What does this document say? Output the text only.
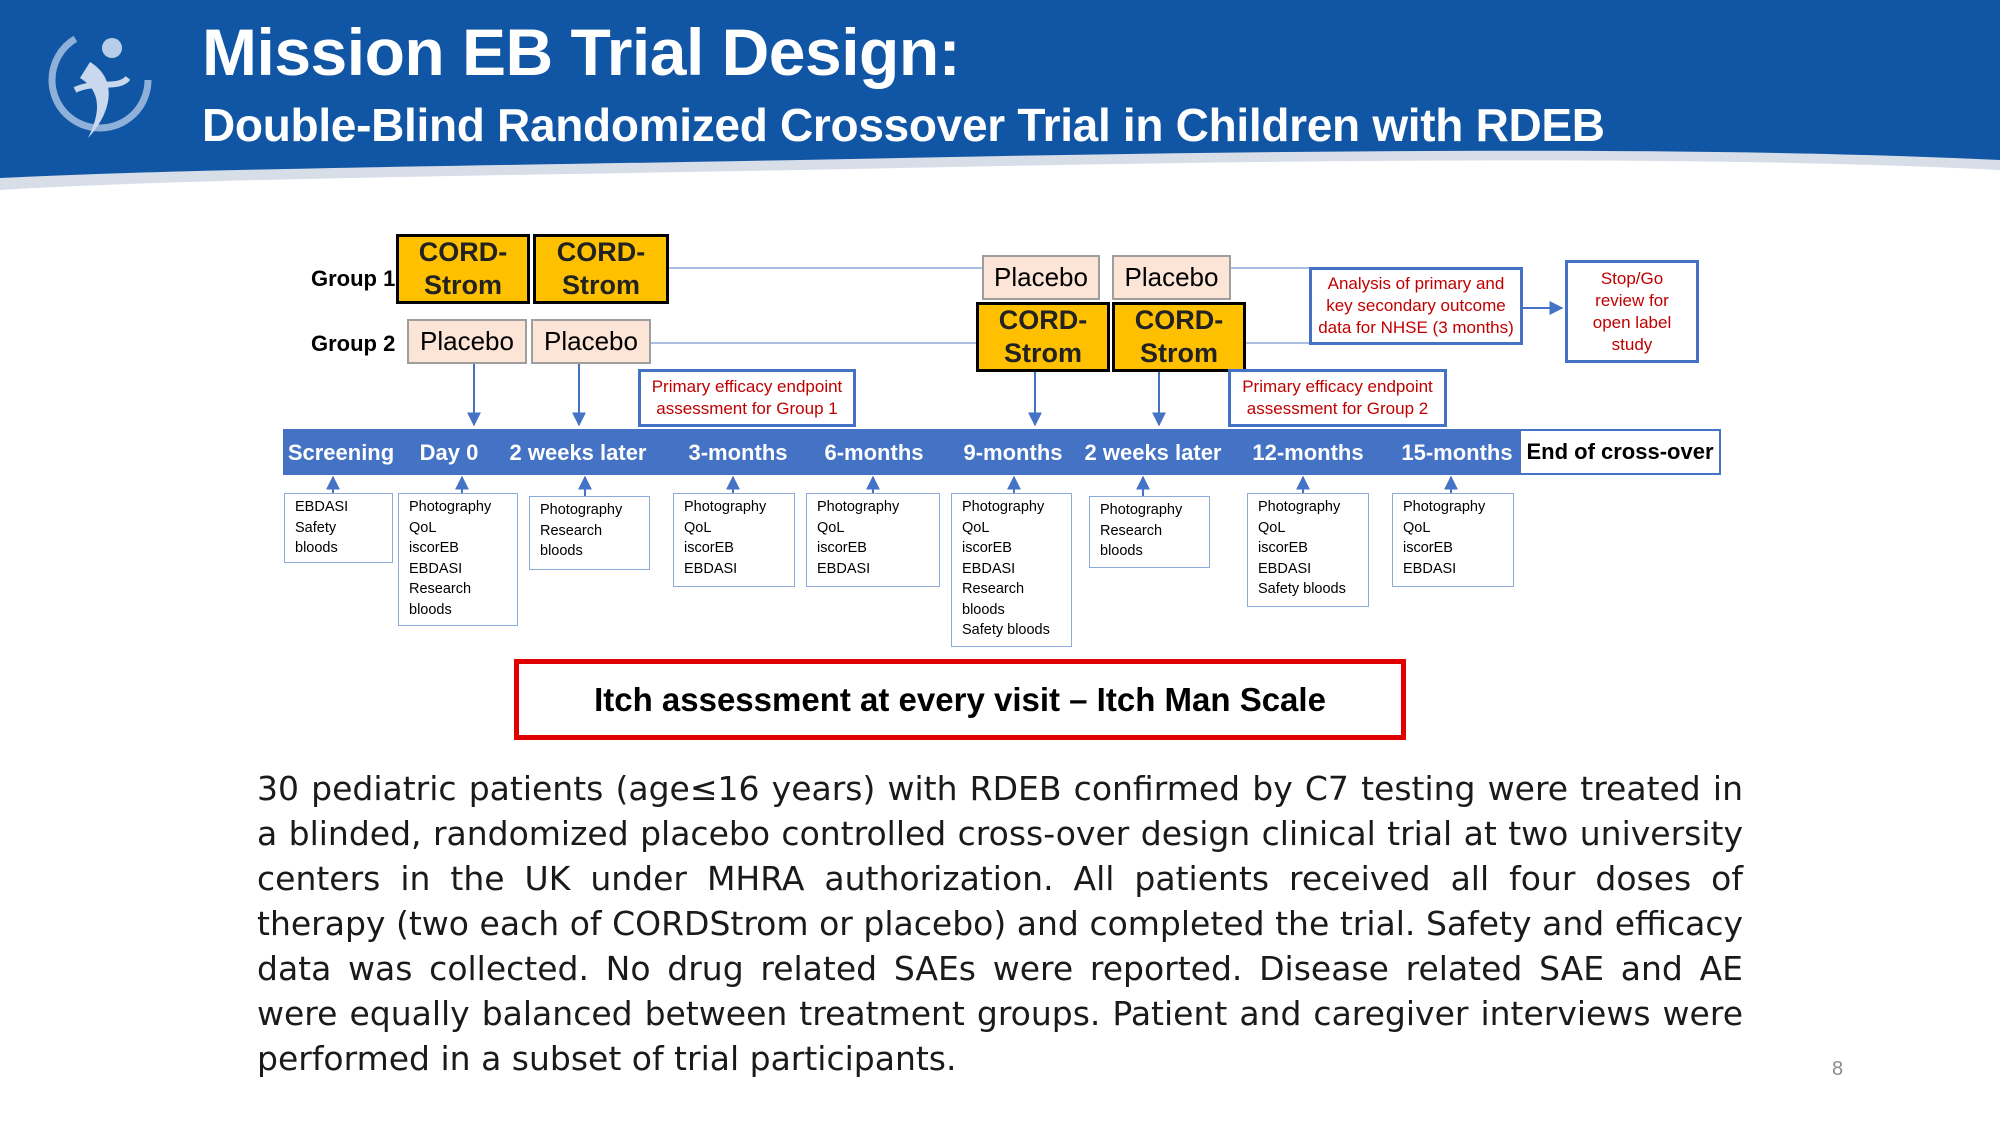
Mission EB Trial Design:
Double-Blind Randomized Crossover Trial in Children with RDEB
Group 1
Group 2
CORD-
Strom
CORD-
Strom	Placebo	Placebo
Placebo	Placebo
CORD-
Strom
CORD-
Strom
Primary efficacy endpoint
assessment for Group 1
Primary efficacy endpoint
assessment for Group 2
Analysis of primary and
key secondary outcome
data for NHSE (3 months)
Stop/Go
review for
open label
study
Screening Day 0 2 weeks later 3-months 6-months 9-months 2 weeks later 12-months 15-months End of cross-over
EBDASI
Safety
bloods
Photography
QoL
iscorEB
EBDASI
Research
bloods
Photography
Research
bloods
Photography
QoL
iscorEB
EBDASI
Photography
QoL
iscorEB
EBDASI
Photography
QoL
iscorEB
EBDASI
Research
bloods
Safety bloods
Photography
Research
bloods
Photography
QoL
iscorEB
EBDASI
Safety bloods
Photography
QoL
iscorEB
EBDASI
Itch assessment at every visit – Itch Man Scale
30 pediatric patients (age≤16 years) with RDEB confirmed by C7 testing were treated in a blinded, randomized placebo controlled cross-over design clinical trial at two university centers in the UK under MHRA authorization. All patients received all four doses of therapy (two each of CORDStrom or placebo) and completed the trial. Safety and efficacy data was collected. No drug related SAEs were reported. Disease related SAE and AE were equally balanced between treatment groups. Patient and caregiver interviews were performed in a subset of trial participants.	8
